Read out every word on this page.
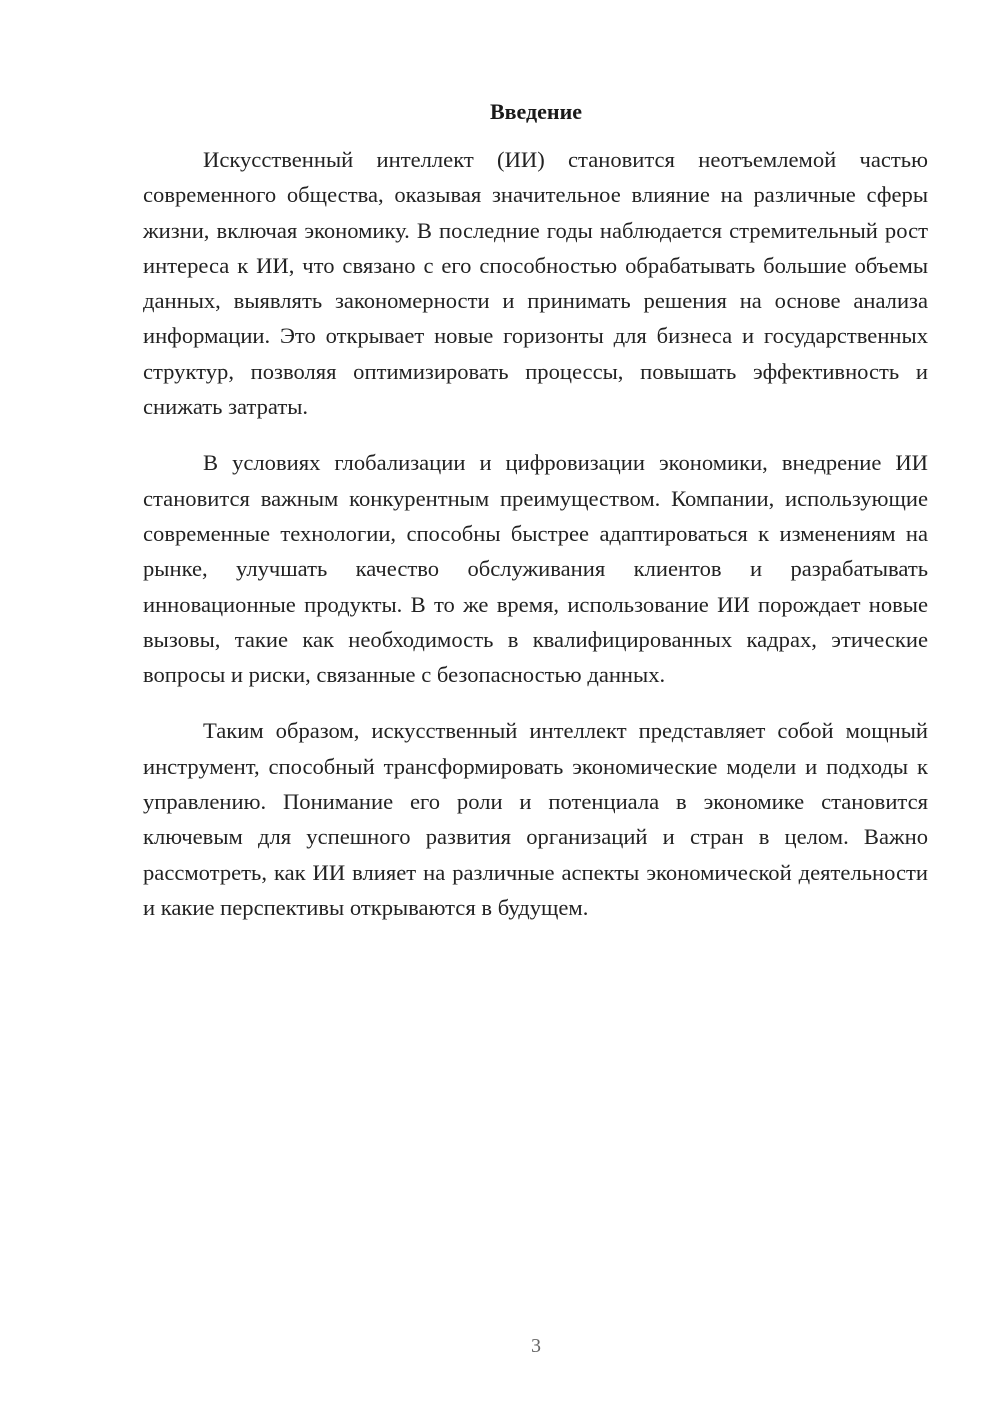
Введение

Искусственный интеллект (ИИ) становится неотъемлемой частью современного общества, оказывая значительное влияние на различные сферы жизни, включая экономику. В последние годы наблюдается стремительный рост интереса к ИИ, что связано с его способностью обрабатывать большие объемы данных, выявлять закономерности и принимать решения на основе анализа информации. Это открывает новые горизонты для бизнеса и государственных структур, позволяя оптимизировать процессы, повышать эффективность и снижать затраты.

В условиях глобализации и цифровизации экономики, внедрение ИИ становится важным конкурентным преимуществом. Компании, использующие современные технологии, способны быстрее адаптироваться к изменениям на рынке, улучшать качество обслуживания клиентов и разрабатывать инновационные продукты. В то же время, использование ИИ порождает новые вызовы, такие как необходимость в квалифицированных кадрах, этические вопросы и риски, связанные с безопасностью данных.

Таким образом, искусственный интеллект представляет собой мощный инструмент, способный трансформировать экономические модели и подходы к управлению. Понимание его роли и потенциала в экономике становится ключевым для успешного развития организаций и стран в целом. Важно рассмотреть, как ИИ влияет на различные аспекты экономической деятельности и какие перспективы открываются в будущем.

3
